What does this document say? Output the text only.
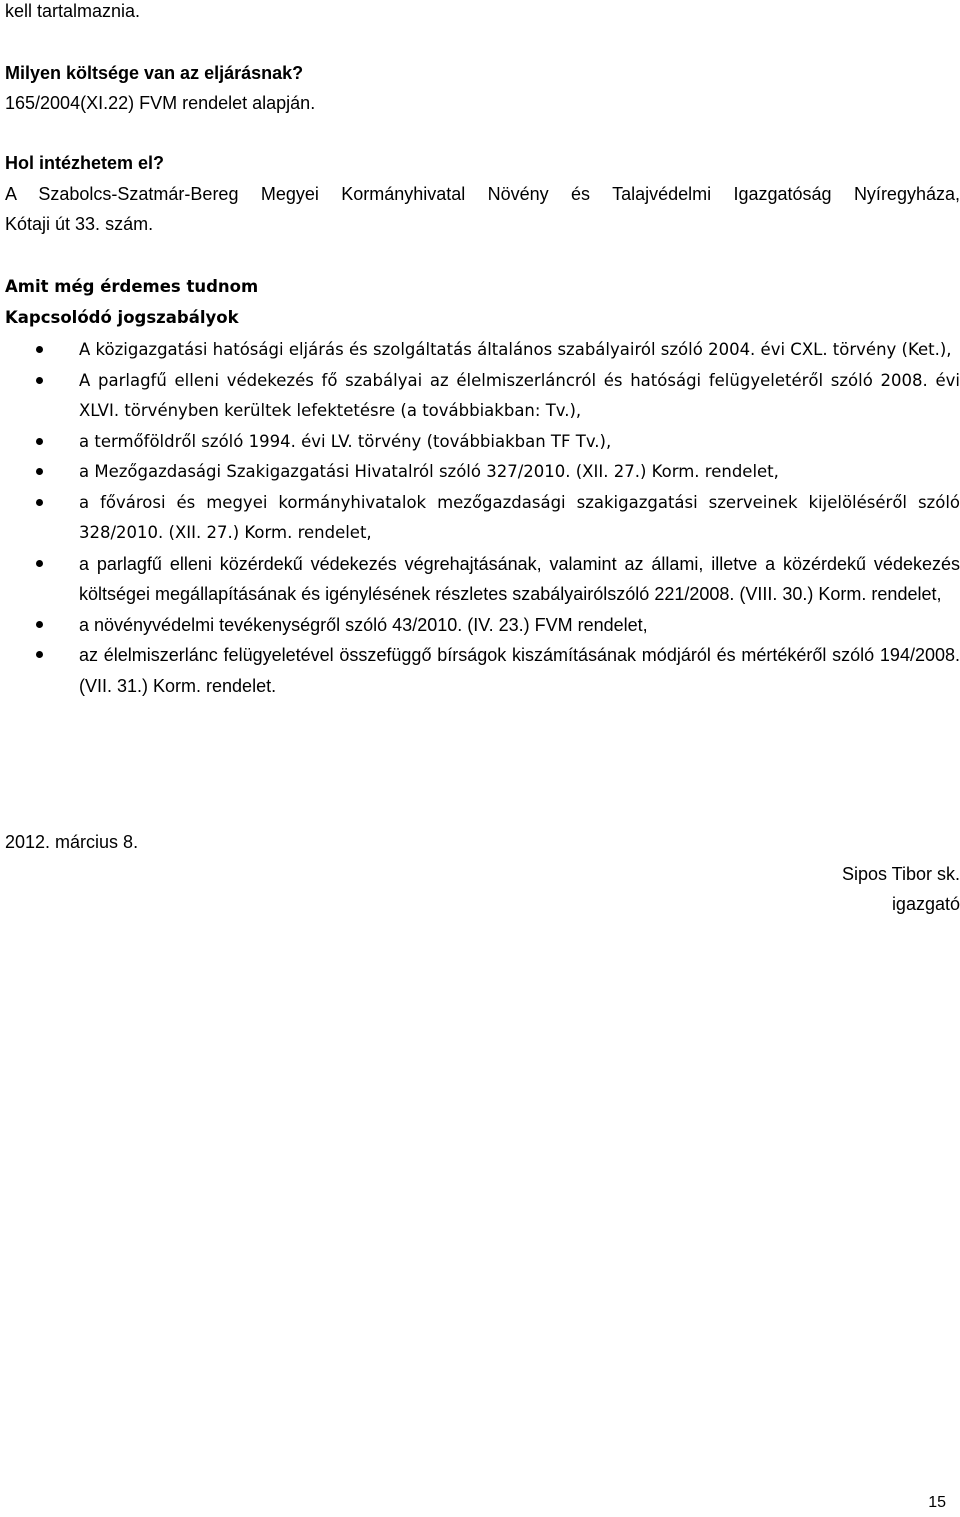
kell tartalmaznia.
Milyen költsége van az eljárásnak?
165/2004(XI.22) FVM rendelet alapján.
Hol intézhetem el?
A Szabolcs-Szatmár-Bereg Megyei Kormányhivatal Növény és Talajvédelmi Igazgatóság Nyíregyháza,
Kótaji út 33. szám.
Amit még érdemes tudnom
Kapcsolódó jogszabályok
A közigazgatási hatósági eljárás és szolgáltatás általános szabályairól szóló 2004. évi CXL. törvény (Ket.),
A parlagfű elleni védekezés fő szabályai az élelmiszerláncról és hatósági felügyeletéről szóló 2008. évi XLVI. törvényben kerültek lefektetésre (a továbbiakban: Tv.),
a termőföldről szóló 1994. évi LV. törvény (továbbiakban TF Tv.),
a Mezőgazdasági Szakigazgatási Hivatalról szóló 327/2010. (XII. 27.) Korm. rendelet,
a fővárosi és megyei kormányhivatalok mezőgazdasági szakigazgatási szerveinek kijelöléséről szóló 328/2010. (XII. 27.) Korm. rendelet,
a parlagfű elleni közérdekű védekezés végrehajtásának, valamint az állami, illetve a közérdekű védekezés költségei megállapításának és igénylésének részletes szabályairólszóló 221/2008. (VIII. 30.) Korm. rendelet,
a növényvédelmi tevékenységről szóló 43/2010. (IV. 23.) FVM rendelet,
az élelmiszerlánc felügyeletével összefüggő bírságok kiszámításának módjáról és mértékéről szóló 194/2008. (VII. 31.) Korm. rendelet.
2012. március 8.
Sipos Tibor sk.
igazgató
15
